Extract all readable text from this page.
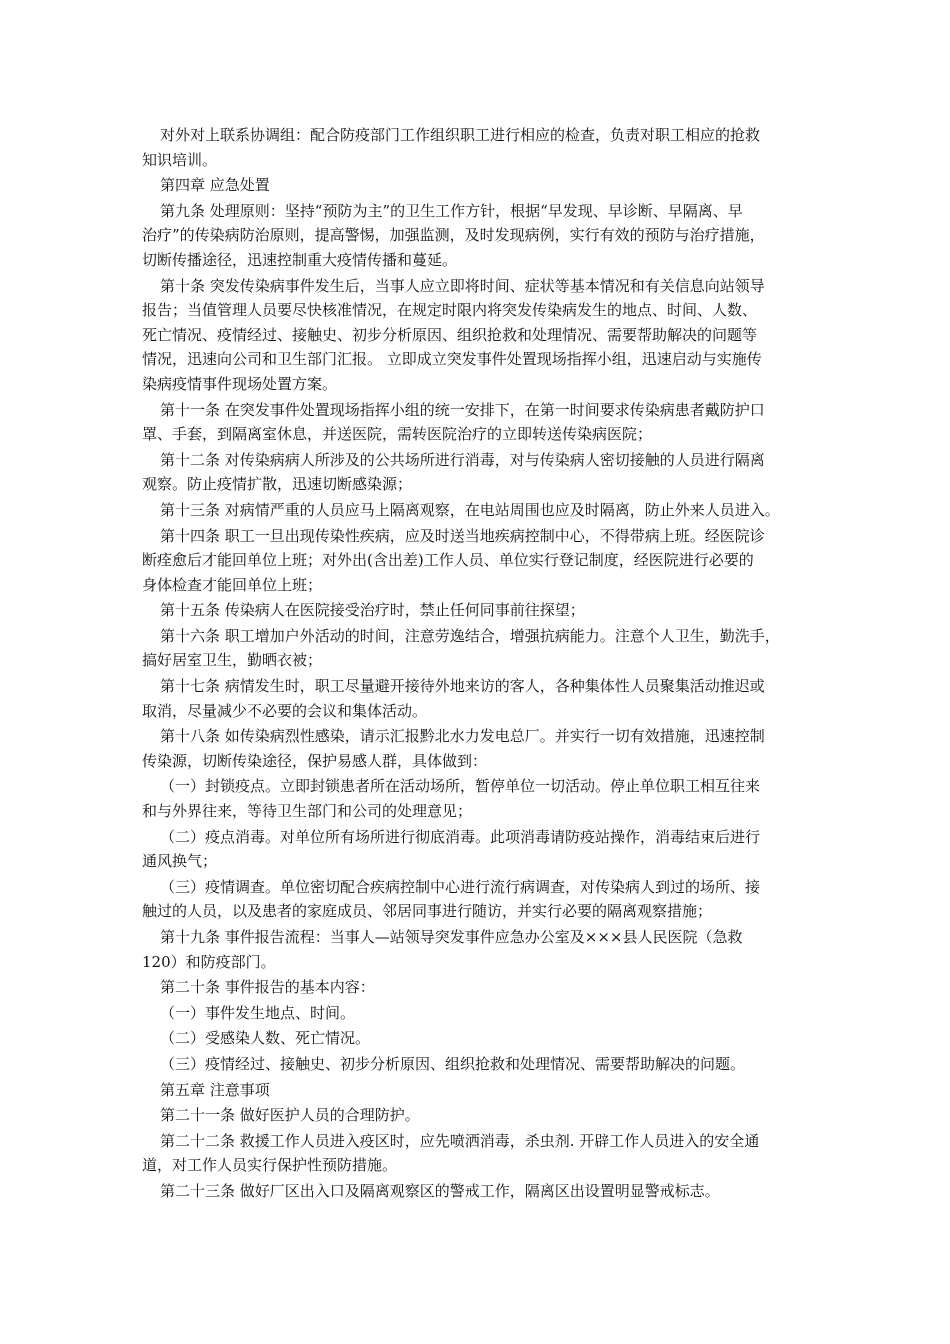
对外对上联系协调组：配合防疫部门工作组织职工进行相应的检查，负责对职工相应的抢救
知识培训。
第四章 应急处置
第九条 处理原则：坚持“预防为主”的卫生工作方针，根据“早发现、早诊断、早隔离、早
治疗”的传染病防治原则，提高警惕，加强监测，及时发现病例，实行有效的预防与治疗措施，
切断传播途径，迅速控制重大疫情传播和蔓延。
第十条 突发传染病事件发生后，当事人应立即将时间、症状等基本情况和有关信息向站领导
报告；当值管理人员要尽快核准情况，在规定时限内将突发传染病发生的地点、时间、人数、
死亡情况、疫情经过、接触史、初步分析原因、组织抢救和处理情况、需要帮助解决的问题等
情况，迅速向公司和卫生部门汇报。 立即成立突发事件处置现场指挥小组，迅速启动与实施传
染病疫情事件现场处置方案。
第十一条 在突发事件处置现场指挥小组的统一安排下，在第一时间要求传染病患者戴防护口
罩、手套，到隔离室休息，并送医院，需转医院治疗的立即转送传染病医院；
第十二条 对传染病病人所涉及的公共场所进行消毒，对与传染病人密切接触的人员进行隔离
观察。防止疫情扩散，迅速切断感染源；
第十三条 对病情严重的人员应马上隔离观察，在电站周围也应及时隔离，防止外来人员进入。
第十四条 职工一旦出现传染性疾病，应及时送当地疾病控制中心，不得带病上班。经医院诊
断痊愈后才能回单位上班；对外出(含出差)工作人员、单位实行登记制度，经医院进行必要的
身体检查才能回单位上班；
第十五条 传染病人在医院接受治疗时，禁止任何同事前往探望；
第十六条 职工增加户外活动的时间，注意劳逸结合，增强抗病能力。注意个人卫生，勤洗手，
搞好居室卫生，勤晒衣被；
第十七条 病情发生时，职工尽量避开接待外地来访的客人，各种集体性人员聚集活动推迟或
取消，尽量减少不必要的会议和集体活动。
第十八条 如传染病烈性感染，请示汇报黔北水力发电总厂。并实行一切有效措施，迅速控制
传染源，切断传染途径，保护易感人群，具体做到：
（一）封锁疫点。立即封锁患者所在活动场所，暂停单位一切活动。停止单位职工相互往来
和与外界往来，等待卫生部门和公司的处理意见；
（二）疫点消毒。对单位所有场所进行彻底消毒。此项消毒请防疫站操作，消毒结束后进行
通风换气；
（三）疫情调查。单位密切配合疾病控制中心进行流行病调查，对传染病人到过的场所、接
触过的人员，以及患者的家庭成员、邻居同事进行随访，并实行必要的隔离观察措施；
第十九条 事件报告流程：当事人—站领导突发事件应急办公室及×××县人民医院（急救
120）和防疫部门。
第二十条 事件报告的基本内容：
（一）事件发生地点、时间。
（二）受感染人数、死亡情况。
（三）疫情经过、接触史、初步分析原因、组织抢救和处理情况、需要帮助解决的问题。
第五章 注意事项
第二十一条 做好医护人员的合理防护。
第二十二条 救援工作人员进入疫区时，应先喷洒消毒，杀虫剂. 开辟工作人员进入的安全通
道，对工作人员实行保护性预防措施。
第二十三条 做好厂区出入口及隔离观察区的警戒工作，隔离区出设置明显警戒标志。
